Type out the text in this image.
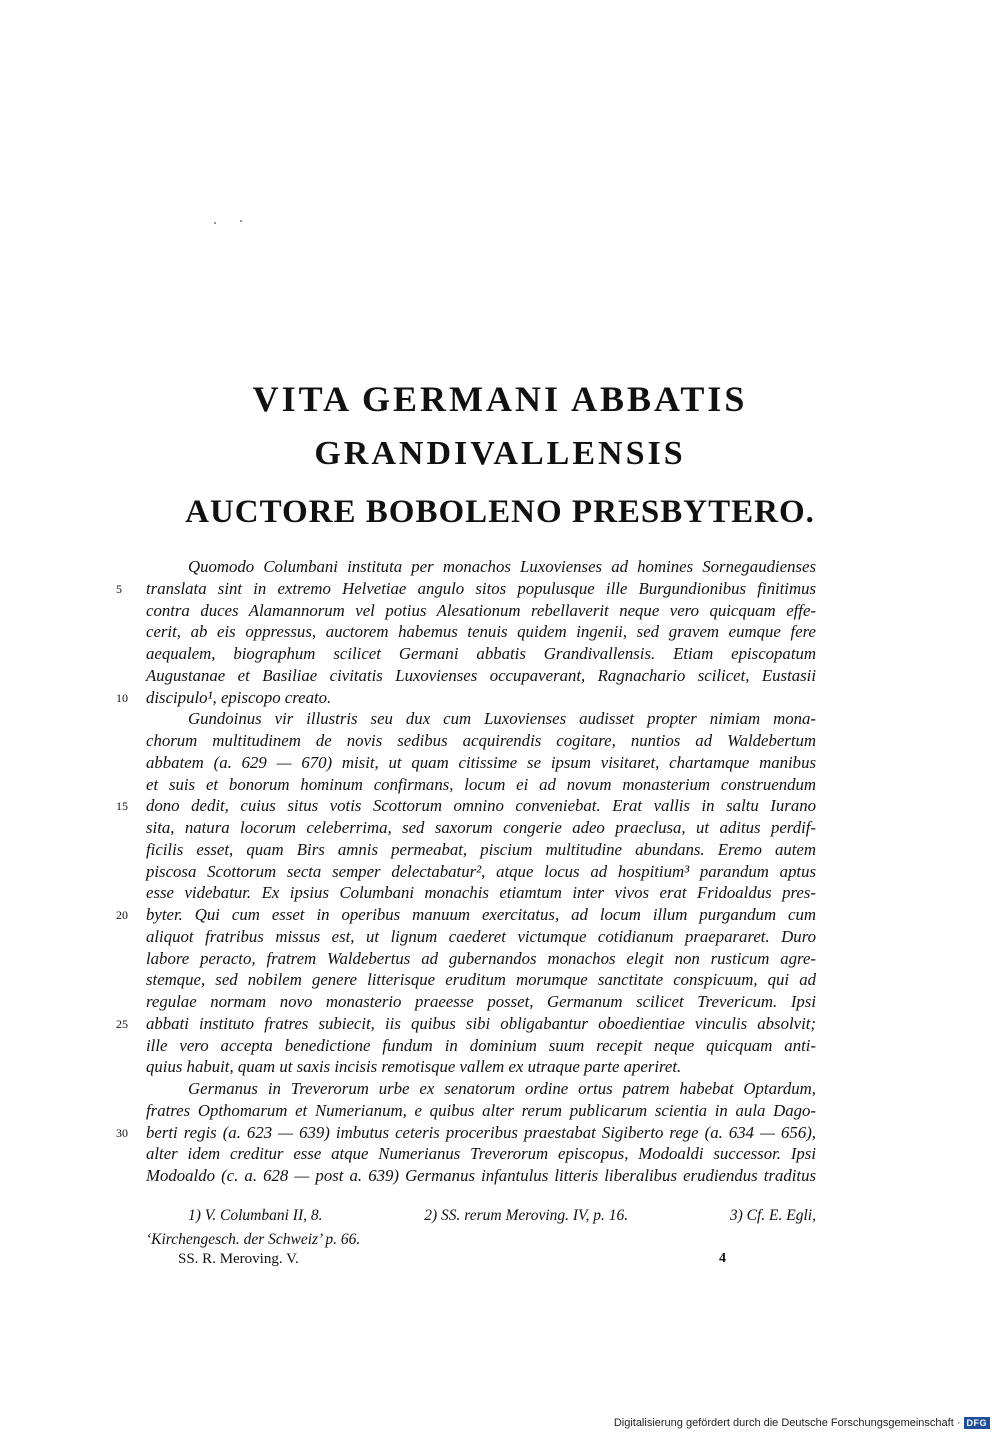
VITA GERMANI ABBATIS
GRANDIVALLENSIS
AUCTORE BOBOLENO PRESBYTERO.
Quomodo Columbani instituta per monachos Luxovienses ad homines Sornegaudienses
5	translata sint in extremo Helvetiae angulo sitos populusque ille Burgundionibus finitimus
contra duces Alamannorum vel potius Alesationum rebellaverit neque vero quicquam effe-
cerit, ab eis oppressus, auctorem habemus tenuis quidem ingenii, sed gravem eumque fere
aequalem, biographum scilicet Germani abbatis Grandivallensis. Etiam episcopatum
Augustanae et Basiliae civitatis Luxovienses occupaverant, Ragnachario scilicet, Eustasii
10	discipulo¹, episcopo creato.
Gundoinus vir illustris seu dux cum Luxovienses audisset propter nimiam mona-
chorum multitudinem de novis sedibus acquirendis cogitare, nuntios ad Waldebertum
abbatem (a. 629 — 670) misit, ut quam citissime se ipsum visitaret, chartamque manibus
et suis et bonorum hominum confirmans, locum ei ad novum monasterium construendum
15	dono dedit, cuius situs votis Scottorum omnino conveniebat. Erat vallis in saltu Iurano
sita, natura locorum celeberrima, sed saxorum congerie adeo praeclusa, ut aditus perdif-
ficilis esset, quam Birs amnis permeabat, piscium multitudine abundans. Eremo autem
piscosa Scottorum secta semper delectabatur², atque locus ad hospitium³ parandum aptus
esse videbatur. Ex ipsius Columbani monachis etiamtum inter vivos erat Fridoaldus pres-
20	byter. Qui cum esset in operibus manuum exercitatus, ad locum illum purgandum cum
aliquot fratribus missus est, ut lignum caederet victumque cotidianum praepararet. Duro
labore peracto, fratrem Waldebertus ad gubernandos monachos elegit non rusticum agre-
stemque, sed nobilem genere litterisque eruditum morumque sanctitate conspicuum, qui ad
regulae normam novo monasterio praeesse posset, Germanum scilicet Trevericum. Ipsi
25	abbati instituto fratres subiecit, iis quibus sibi obligabantur oboedientiae vinculis absolvit;
ille vero accepta benedictione fundum in dominium suum recepit neque quicquam anti-
quius habuit, quam ut saxis incisis remotisque vallem ex utraque parte aperiret.
Germanus in Treverorum urbe ex senatorum ordine ortus patrem habebat Optardum,
fratres Opthomarum et Numerianum, e quibus alter rerum publicarum scientia in aula Dago-
30	berti regis (a. 623 — 639) imbutus ceteris proceribus praestabat Sigiberto rege (a. 634 — 656),
alter idem creditur esse atque Numerianus Treverorum episcopus, Modoaldi successor. Ipsi
Modoaldo (c. a. 628 — post a. 639) Germanus infantulus litteris liberalibus erudiendus traditus
1) V. Columbani II, 8.	2) SS. rerum Meroving. IV, p. 16.	3) Cf. E. Egli,
‘Kirchengesch. der Schweiz’ p. 66.
SS. R. Meroving. V.	4
Digitalisierung gefördert durch die Deutsche Forschungsgemeinschaft · DFG
